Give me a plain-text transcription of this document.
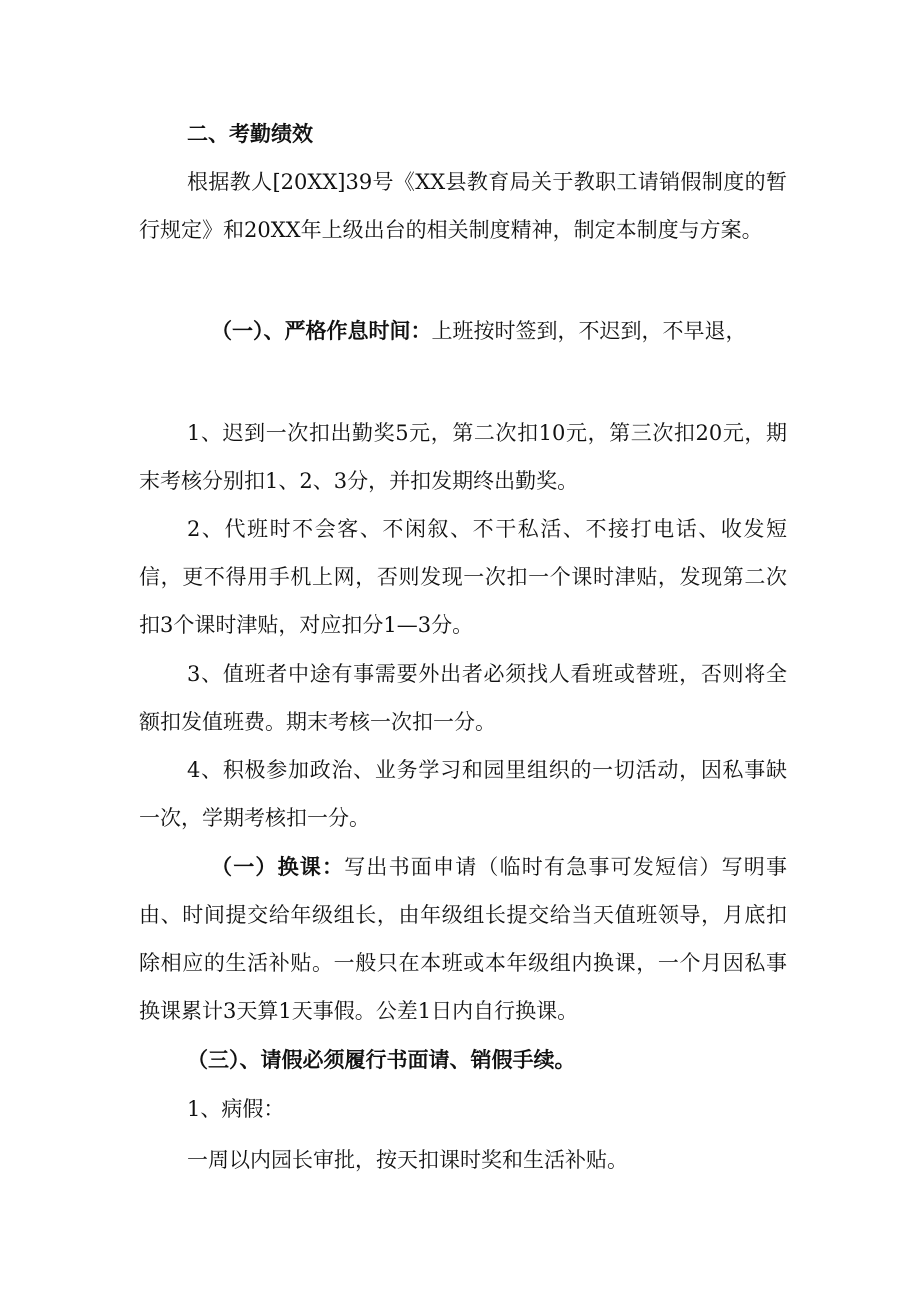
二、考勤绩效

根据教人[20XX]39号《XX县教育局关于教职工请销假制度的暂行规定》和20XX年上级出台的相关制度精神，制定本制度与方案。

（一）、严格作息时间：上班按时签到，不迟到，不早退，

1、迟到一次扣出勤奖5元，第二次扣10元，第三次扣20元，期末考核分别扣1、2、3分，并扣发期终出勤奖。

2、代班时不会客、不闲叙、不干私活、不接打电话、收发短信，更不得用手机上网，否则发现一次扣一个课时津贴，发现第二次扣3个课时津贴，对应扣分1—3分。

3、值班者中途有事需要外出者必须找人看班或替班，否则将全额扣发值班费。期末考核一次扣一分。

4、积极参加政治、业务学习和园里组织的一切活动，因私事缺一次，学期考核扣一分。

（一）换课：写出书面申请（临时有急事可发短信）写明事由、时间提交给年级组长，由年级组长提交给当天值班领导，月底扣除相应的生活补贴。一般只在本班或本年级组内换课，一个月因私事换课累计3天算1天事假。公差1日内自行换课。

（三）、请假必须履行书面请、销假手续。

1、病假：

一周以内园长审批，按天扣课时奖和生活补贴。
